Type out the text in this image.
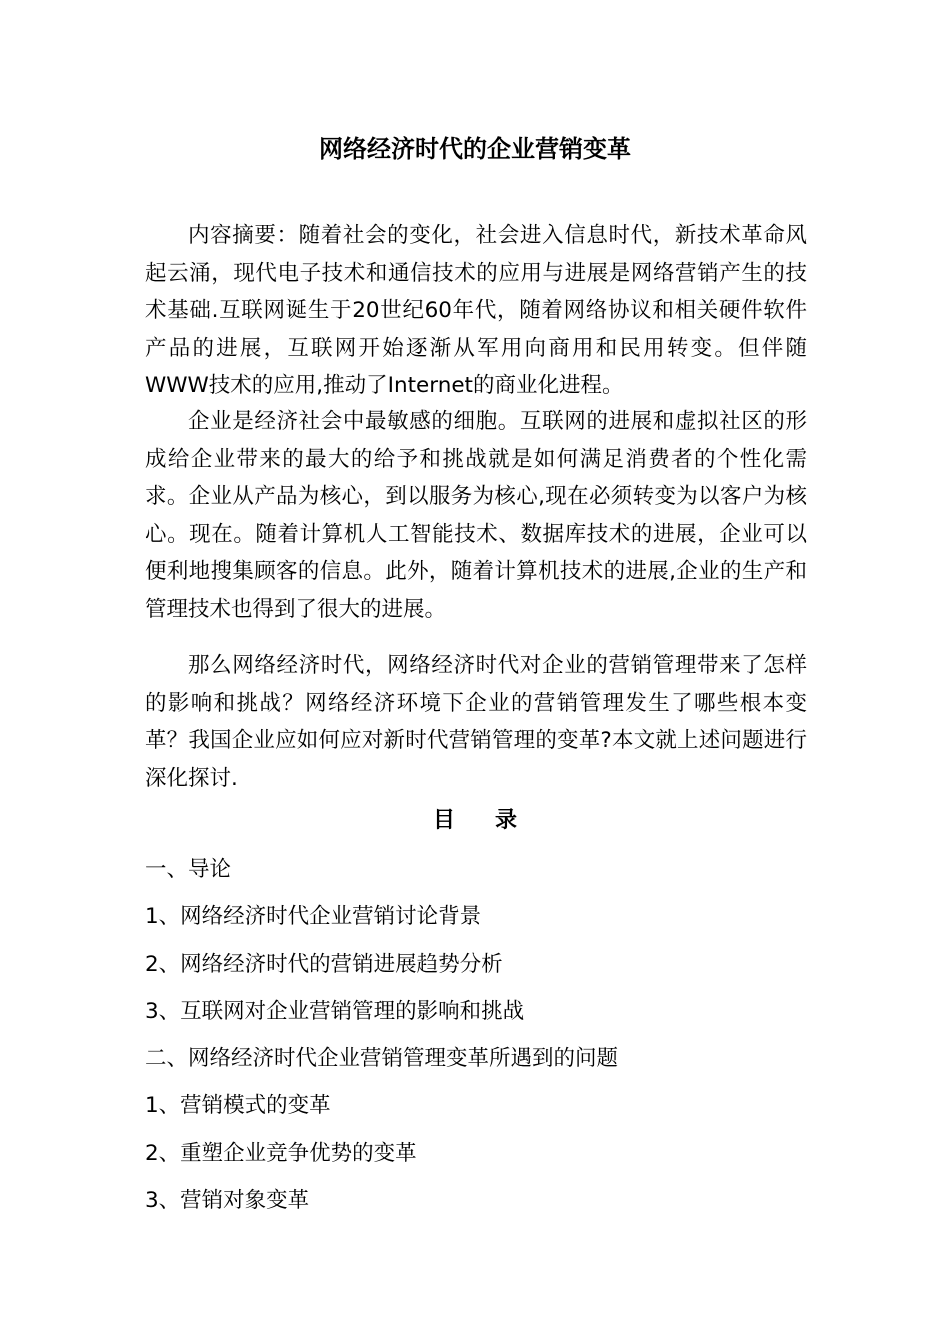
网络经济时代的企业营销变革

内容摘要：随着社会的变化，社会进入信息时代，新技术革命风起云涌，现代电子技术和通信技术的应用与进展是网络营销产生的技术基础.互联网诞生于20世纪60年代，随着网络协议和相关硬件软件产品的进展，互联网开始逐渐从军用向商用和民用转变。但伴随WWW技术的应用,推动了Internet的商业化进程。

企业是经济社会中最敏感的细胞。互联网的进展和虚拟社区的形成给企业带来的最大的给予和挑战就是如何满足消费者的个性化需求。企业从产品为核心，到以服务为核心,现在必须转变为以客户为核心。现在。随着计算机人工智能技术、数据库技术的进展，企业可以便利地搜集顾客的信息。此外，随着计算机技术的进展,企业的生产和管理技术也得到了很大的进展。

那么网络经济时代，网络经济时代对企业的营销管理带来了怎样的影响和挑战？网络经济环境下企业的营销管理发生了哪些根本变革？我国企业应如何应对新时代营销管理的变革?本文就上述问题进行深化探讨.

目录
一、导论
1、网络经济时代企业营销讨论背景
2、网络经济时代的营销进展趋势分析
3、互联网对企业营销管理的影响和挑战
二、网络经济时代企业营销管理变革所遇到的问题
1、营销模式的变革
2、重塑企业竞争优势的变革
3、营销对象变革
